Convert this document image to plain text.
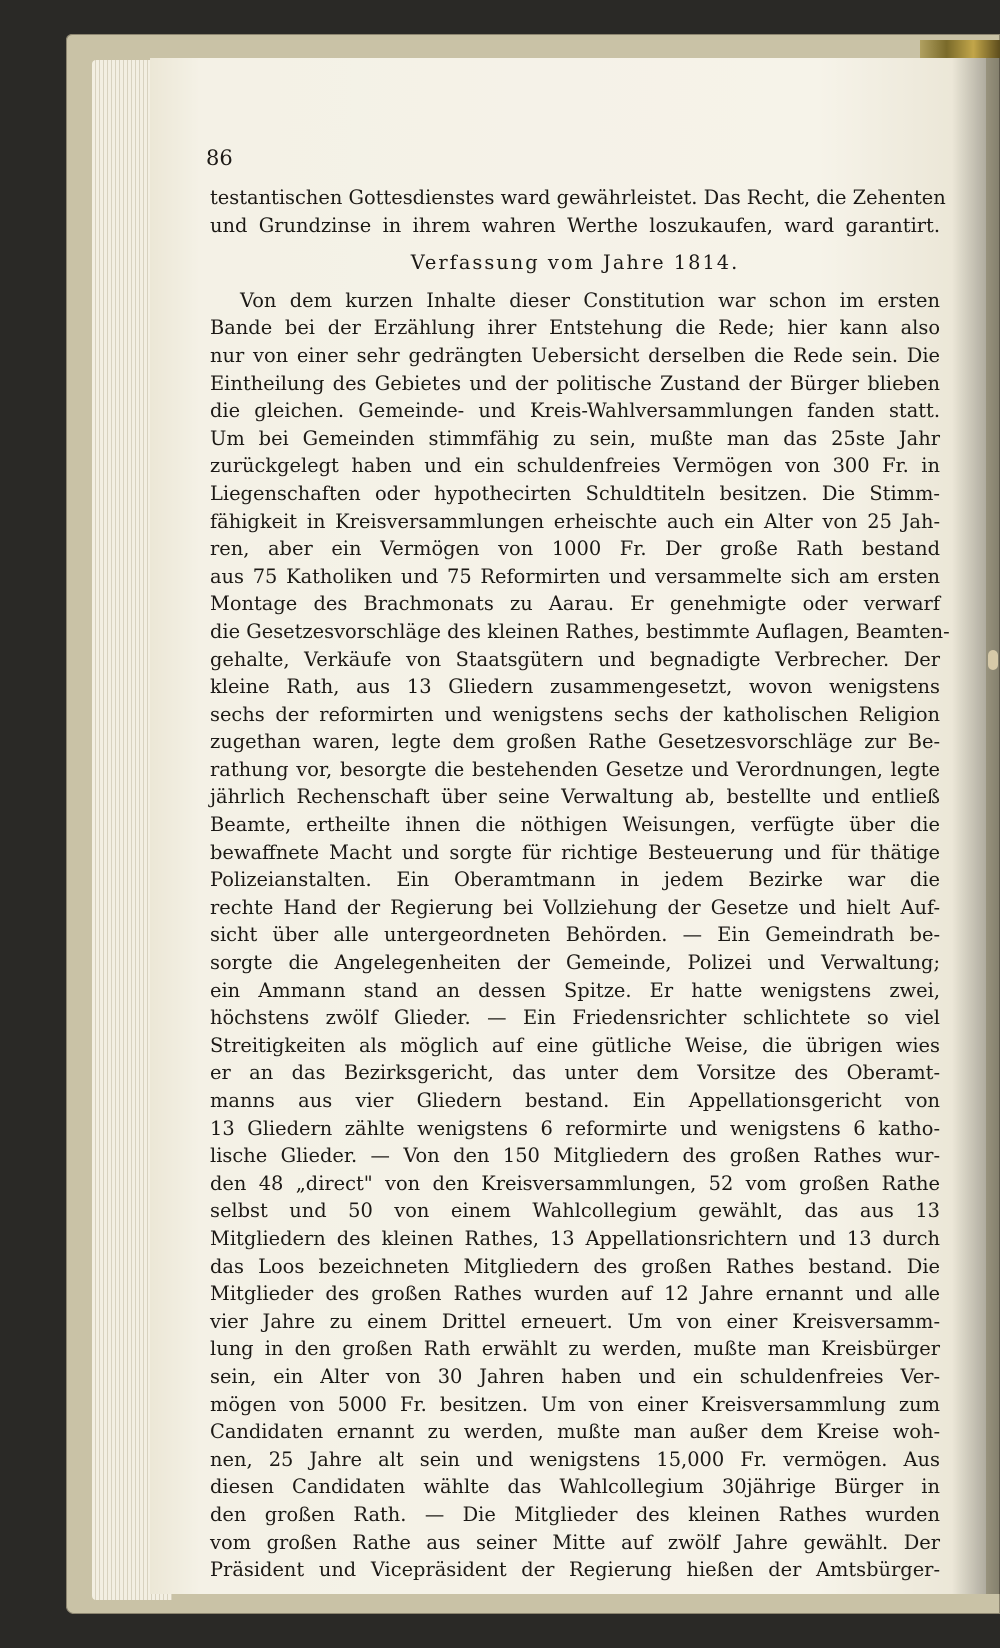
86
testantischen Gottesdienstes ward gewährleistet. Das Recht, die Zehenten
und Grundzinse in ihrem wahren Werthe loszukaufen, ward garantirt.
Verfassung vom Jahre 1814.
Von dem kurzen Inhalte dieser Constitution war schon im ersten
Bande bei der Erzählung ihrer Entstehung die Rede; hier kann also
nur von einer sehr gedrängten Uebersicht derselben die Rede sein. Die
Eintheilung des Gebietes und der politische Zustand der Bürger blieben
die gleichen. Gemeinde- und Kreis-Wahlversammlungen fanden statt.
Um bei Gemeinden stimmfähig zu sein, mußte man das 25ste Jahr
zurückgelegt haben und ein schuldenfreies Vermögen von 300 Fr. in
Liegenschaften oder hypothecirten Schuldtiteln besitzen. Die Stimm-
fähigkeit in Kreisversammlungen erheischte auch ein Alter von 25 Jah-
ren, aber ein Vermögen von 1000 Fr. Der große Rath bestand
aus 75 Katholiken und 75 Reformirten und versammelte sich am ersten
Montage des Brachmonats zu Aarau. Er genehmigte oder verwarf
die Gesetzesvorschläge des kleinen Rathes, bestimmte Auflagen, Beamten-
gehalte, Verkäufe von Staatsgütern und begnadigte Verbrecher. Der
kleine Rath, aus 13 Gliedern zusammengesetzt, wovon wenigstens
sechs der reformirten und wenigstens sechs der katholischen Religion
zugethan waren, legte dem großen Rathe Gesetzesvorschläge zur Be-
rathung vor, besorgte die bestehenden Gesetze und Verordnungen, legte
jährlich Rechenschaft über seine Verwaltung ab, bestellte und entließ
Beamte, ertheilte ihnen die nöthigen Weisungen, verfügte über die
bewaffnete Macht und sorgte für richtige Besteuerung und für thätige
Polizeianstalten. Ein Oberamtmann in jedem Bezirke war die
rechte Hand der Regierung bei Vollziehung der Gesetze und hielt Auf-
sicht über alle untergeordneten Behörden. — Ein Gemeindrath be-
sorgte die Angelegenheiten der Gemeinde, Polizei und Verwaltung;
ein Ammann stand an dessen Spitze. Er hatte wenigstens zwei,
höchstens zwölf Glieder. — Ein Friedensrichter schlichtete so viel
Streitigkeiten als möglich auf eine gütliche Weise, die übrigen wies
er an das Bezirksgericht, das unter dem Vorsitze des Oberamt-
manns aus vier Gliedern bestand. Ein Appellationsgericht von
13 Gliedern zählte wenigstens 6 reformirte und wenigstens 6 katho-
lische Glieder. — Von den 150 Mitgliedern des großen Rathes wur-
den 48 „direct" von den Kreisversammlungen, 52 vom großen Rathe
selbst und 50 von einem Wahlcollegium gewählt, das aus 13
Mitgliedern des kleinen Rathes, 13 Appellationsrichtern und 13 durch
das Loos bezeichneten Mitgliedern des großen Rathes bestand. Die
Mitglieder des großen Rathes wurden auf 12 Jahre ernannt und alle
vier Jahre zu einem Drittel erneuert. Um von einer Kreisversamm-
lung in den großen Rath erwählt zu werden, mußte man Kreisbürger
sein, ein Alter von 30 Jahren haben und ein schuldenfreies Ver-
mögen von 5000 Fr. besitzen. Um von einer Kreisversammlung zum
Candidaten ernannt zu werden, mußte man außer dem Kreise woh-
nen, 25 Jahre alt sein und wenigstens 15,000 Fr. vermögen. Aus
diesen Candidaten wählte das Wahlcollegium 30jährige Bürger in
den großen Rath. — Die Mitglieder des kleinen Rathes wurden
vom großen Rathe aus seiner Mitte auf zwölf Jahre gewählt. Der
Präsident und Vicepräsident der Regierung hießen der Amtsbürger-
